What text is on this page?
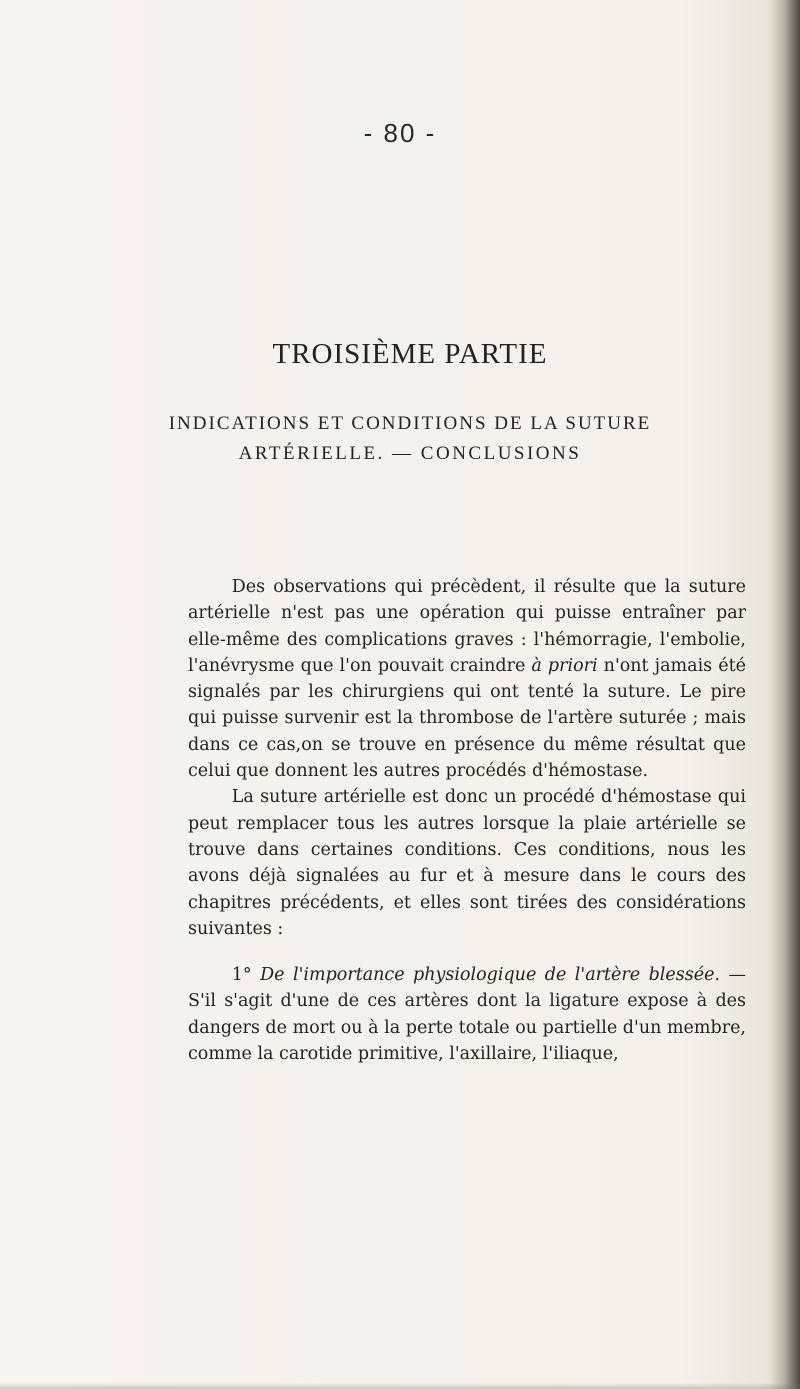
- 80 -
TROISIÈME PARTIE
INDICATIONS ET CONDITIONS DE LA SUTURE
ARTÉRIELLE. — CONCLUSIONS

Des observations qui précèdent, il résulte que la suture artérielle n'est pas une opération qui puisse entraîner par elle-même des complications graves : l'hémorragie, l'embolie, l'anévrysme que l'on pouvait craindre à priori n'ont jamais été signalés par les chirurgiens qui ont tenté la suture. Le pire qui puisse survenir est la thrombose de l'artère suturée ; mais dans ce cas,on se trouve en présence du même résultat que celui que donnent les autres procédés d'hémostase.

La suture artérielle est donc un procédé d'hémostase qui peut remplacer tous les autres lorsque la plaie artérielle se trouve dans certaines conditions. Ces conditions, nous les avons déjà signalées au fur et à mesure dans le cours des chapitres précédents, et elles sont tirées des considérations suivantes :

1° De l'importance physiologique de l'artère blessée. — S'il s'agit d'une de ces artères dont la ligature expose à des dangers de mort ou à la perte totale ou partielle d'un membre, comme la carotide primitive, l'axillaire, l'iliaque,
